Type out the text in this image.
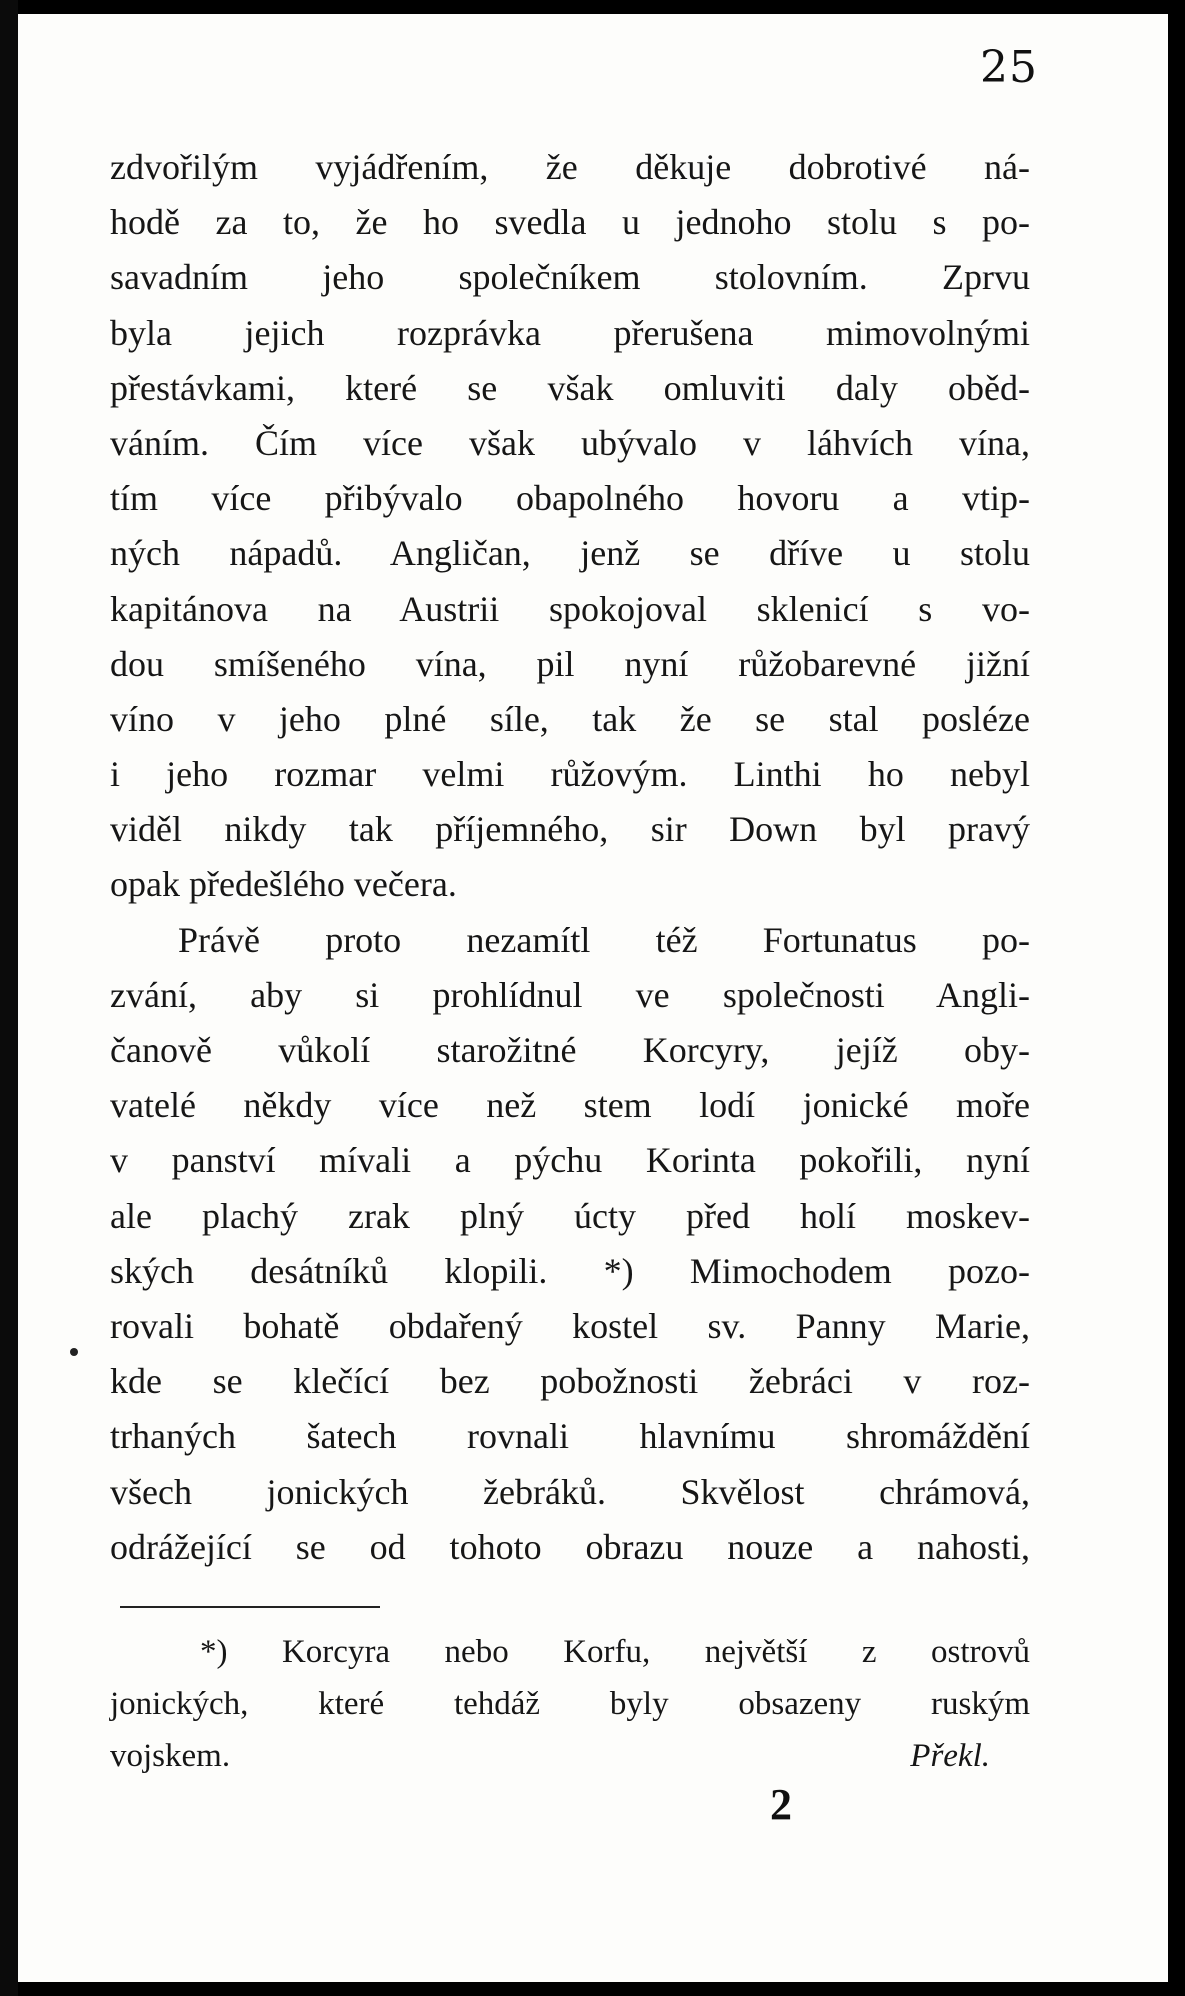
25
zdvořilým vyjádřením, že děkuje dobrotivé ná-
hodě za to, že ho svedla u jednoho stolu s po-
savadním jeho společníkem stolovním. Zprvu
byla jejich rozprávka přerušena mimovolnými
přestávkami, které se však omluviti daly oběd-
váním. Čím více však ubývalo v láhvích vína,
tím více přibývalo obapolného hovoru a vtip-
ných nápadů. Angličan, jenž se dříve u stolu
kapitánova na Austrii spokojoval sklenicí s vo-
dou smíšeného vína, pil nyní růžobarevné jižní
víno v jeho plné síle, tak že se stal posléze
i jeho rozmar velmi růžovým. Linthi ho nebyl
viděl nikdy tak příjemného, sir Down byl pravý
opak předešlého večera.
Právě proto nezamítl též Fortunatus po-
zvání, aby si prohlídnul ve společnosti Angli-
čanově vůkolí starožitné Korcyry, jejíž oby-
vatelé někdy více než stem lodí jonické moře
v panství mívali a pýchu Korinta pokořili, nyní
ale plachý zrak plný úcty před holí moskev-
ských desátníků klopili. *) Mimochodem pozo-
rovali bohatě obdařený kostel sv. Panny Marie,
kde se klečící bez pobožnosti žebráci v roz-
trhaných šatech rovnali hlavnímu shromáždění
všech jonických žebráků. Skvělost chrámová,
odrážející se od tohoto obrazu nouze a nahosti,
*) Korcyra nebo Korfu, největší z ostrovů
jonických, které tehdáž byly obsazeny ruským
vojskem.	Překl.
2
